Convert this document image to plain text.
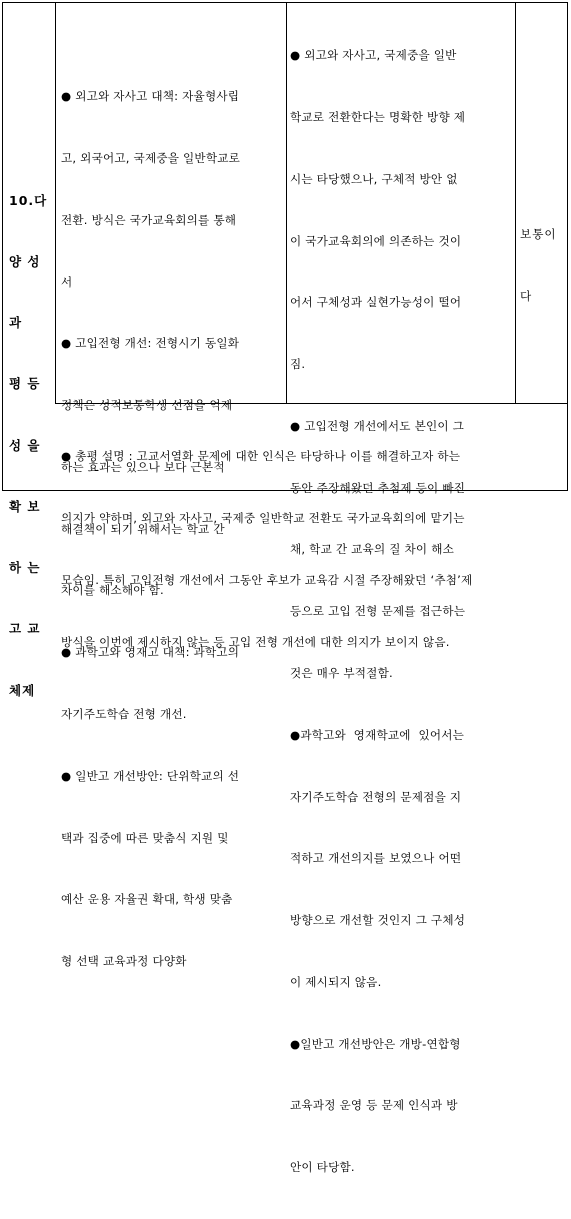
10.다

양 성

과

평 등

성 을

확 보

하 는

고 교

체제

● 외고와 자사고 대책: 자율형사립

고, 외국어고, 국제중을 일반학교로

전환. 방식은 국가교육회의를 통해

서

● 고입전형 개선: 전형시기 동일화

정책은 성적보통학생 선점을 억제

하는 효과는 있으나 보다 근본적

해결책이 되기 위해서는 학교 간

차이를 해소해야 함.

● 과학고와 영재고 대책: 과학고의

자기주도학습 전형 개선.

● 일반고 개선방안: 단위학교의 선

택과 집중에 따른 맞춤식 지원 및

예산 운용 자율권 확대, 학생 맞춤

형 선택 교육과정 다양화

● 외고와 자사고, 국제중을 일반

학교로 전환한다는 명확한 방향 제

시는 타당했으나, 구체적 방안 없

이 국가교육회의에 의존하는 것이

어서 구체성과 실현가능성이 떨어

짐.

● 고입전형 개선에서도 본인이 그

동안 주장해왔던 추첨제 등이 빠진

채, 학교 간 교육의 질 차이 해소

등으로 고입 전형 문제를 접근하는

것은 매우 부적절함.

●과학고와  영재학교에  있어서는

자기주도학습 전형의 문제점을 지

적하고 개선의지를 보였으나 어떤

방향으로 개선할 것인지 그 구체성

이 제시되지 않음.

●일반고 개선방안은 개방-연합형

교육과정 운영 등 문제 인식과 방

안이 타당함.

보통이

다

● 총평 설명 : 고교서열화 문제에 대한 인식은 타당하나 이를 해결하고자 하는

의지가 약하며, 외고와 자사고, 국제중 일반학교 전환도 국가교육회의에 맡기는

모습임. 특히 고입전형 개선에서 그동안 후보가 교육감 시절 주장해왔던 ‘추첨’제

방식을 이번에 제시하지 않는 등 고입 전형 개선에 대한 의지가 보이지 않음.
